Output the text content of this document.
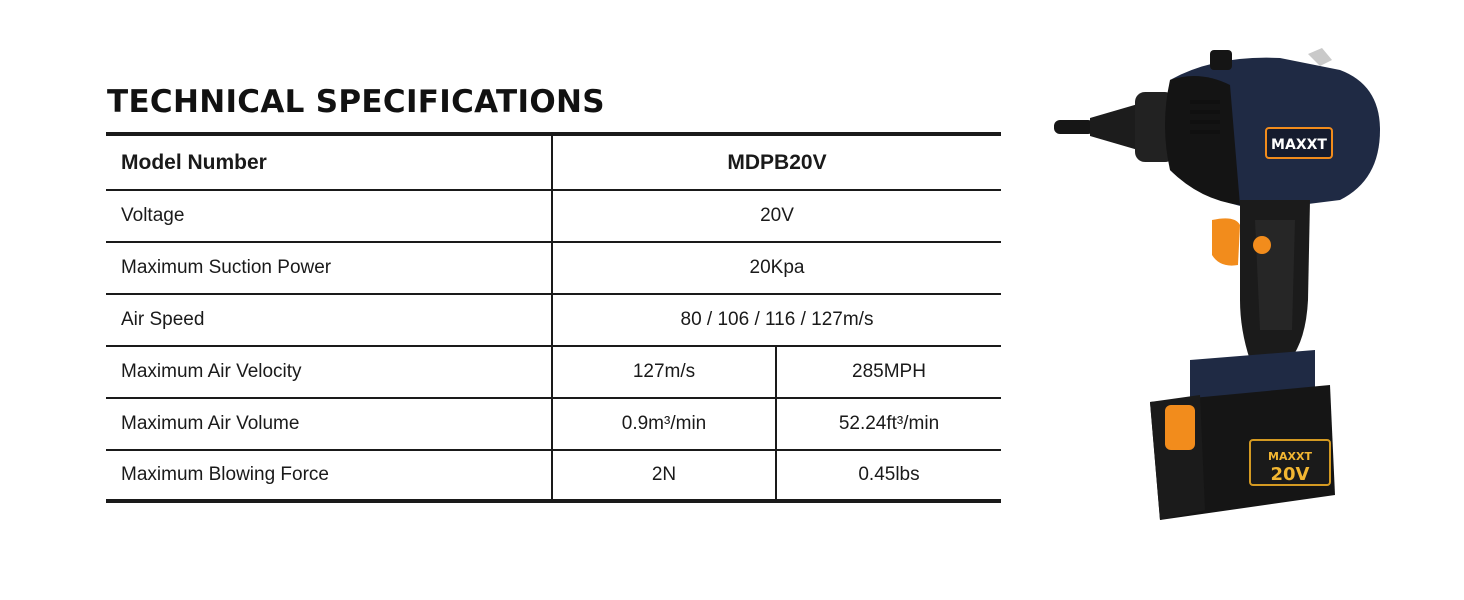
TECHNICAL SPECIFICATIONS
Model Number	MDPB20V
Voltage	20V
Maximum Suction Power	20Kpa
Air Speed	80 / 106 / 116 / 127m/s
Maximum Air Velocity	127m/s	285MPH
Maximum Air Volume	0.9m³/min	52.24ft³/min
Maximum Blowing Force	2N	0.45lbs
MAXXT
MAXXT
20V
